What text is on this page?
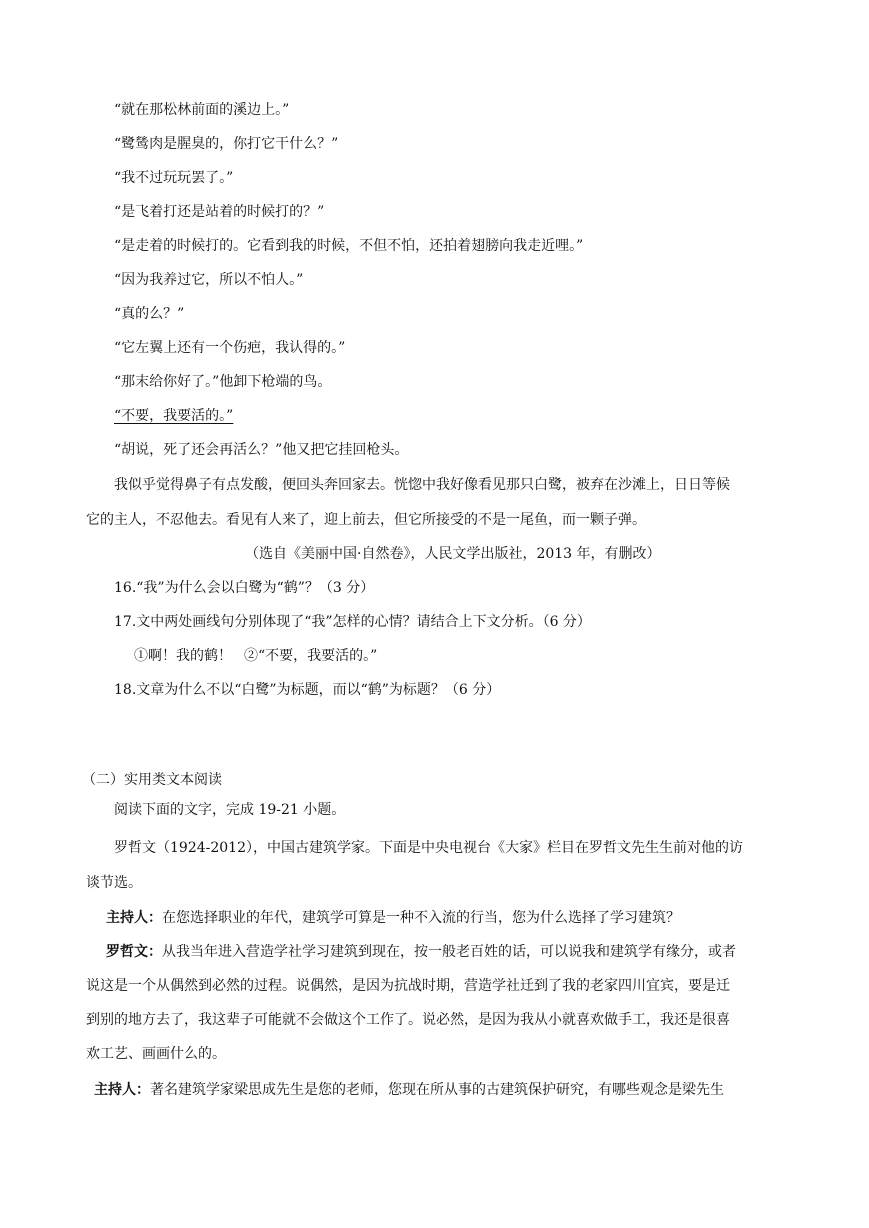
“就在那松林前面的溪边上。”
“鹭鸶肉是腥臭的，你打它干什么？”
“我不过玩玩罢了。”
“是飞着打还是站着的时候打的？”
“是走着的时候打的。它看到我的时候，不但不怕，还拍着翅膀向我走近哩。”
“因为我养过它，所以不怕人。”
“真的么？”
“它左翼上还有一个伤疤，我认得的。”
“那末给你好了。”他卸下枪端的鸟。
“不要，我要活的。”
“胡说，死了还会再活么？”他又把它挂回枪头。
我似乎觉得鼻子有点发酸，便回头奔回家去。恍惚中我好像看见那只白鹭，被弃在沙滩上，日日等候
它的主人，不忍他去。看见有人来了，迎上前去，但它所接受的不是一尾鱼，而一颗子弹。
（选自《美丽中国·自然卷》，人民文学出版社，2013 年，有删改）
16.“我”为什么会以白鹭为“鹤”？（3 分）
17.文中两处画线句分别体现了“我”怎样的心情？请结合上下文分析。（6 分）
①啊！我的鹤！ ②“不要，我要活的。”
18.文章为什么不以“白鹭”为标题，而以“鹤”为标题？（6 分）
（二）实用类文本阅读
阅读下面的文字，完成 19-21 小题。
罗哲文（1924-2012），中国古建筑学家。下面是中央电视台《大家》栏目在罗哲文先生生前对他的访
谈节选。
主持人：在您选择职业的年代，建筑学可算是一种不入流的行当，您为什么选择了学习建筑？
罗哲文：从我当年进入营造学社学习建筑到现在，按一般老百姓的话，可以说我和建筑学有缘分，或者
说这是一个从偶然到必然的过程。说偶然，是因为抗战时期，营造学社迁到了我的老家四川宜宾，要是迁
到别的地方去了，我这辈子可能就不会做这个工作了。说必然，是因为我从小就喜欢做手工，我还是很喜
欢工艺、画画什么的。
主持人：著名建筑学家梁思成先生是您的老师，您现在所从事的古建筑保护研究，有哪些观念是梁先生
